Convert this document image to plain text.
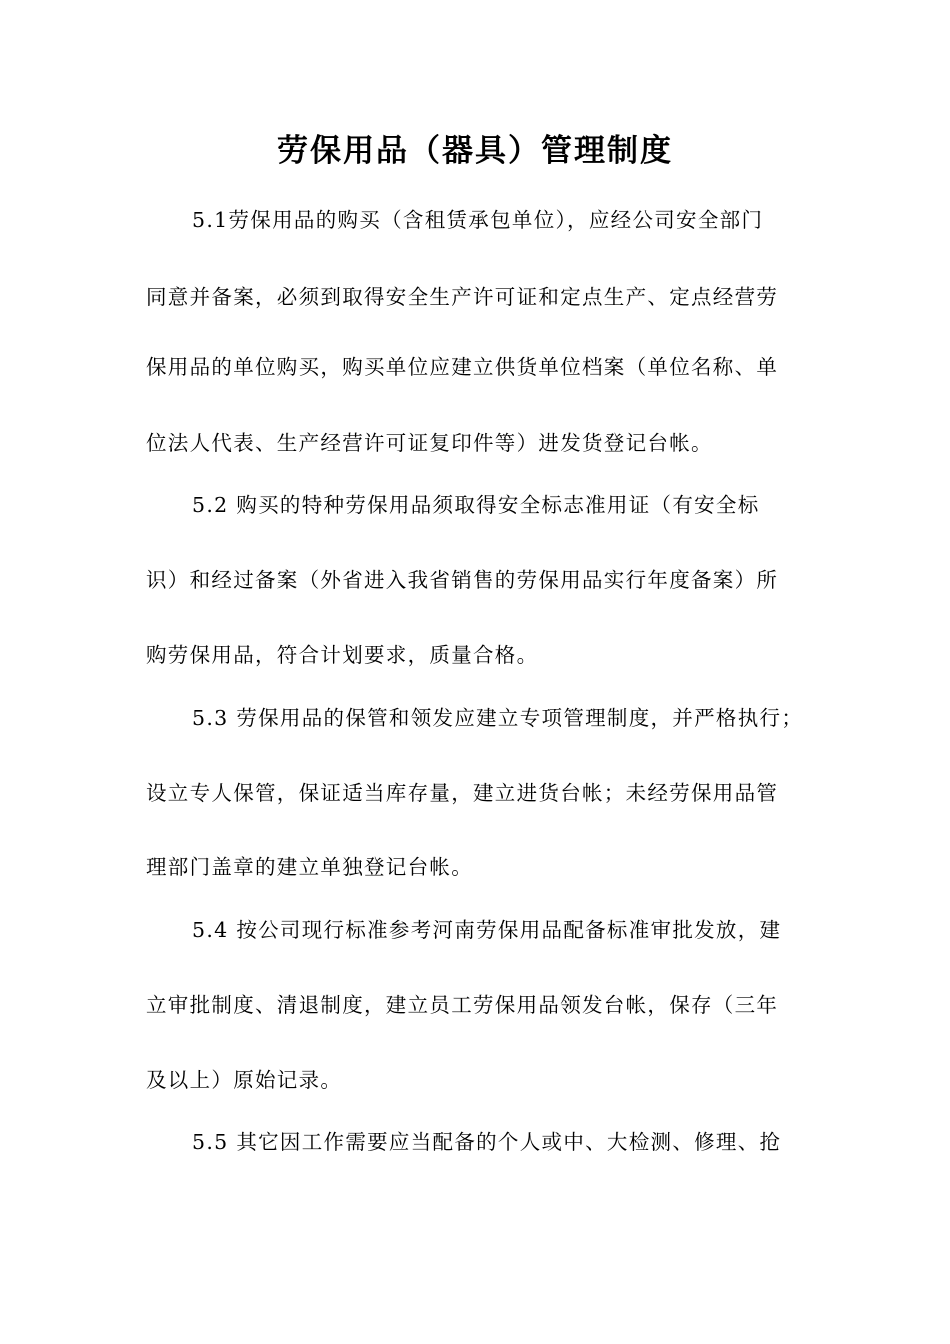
劳保用品（器具）管理制度
5.1劳保用品的购买（含租赁承包单位），应经公司安全部门
同意并备案，必须到取得安全生产许可证和定点生产、定点经营劳
保用品的单位购买，购买单位应建立供货单位档案（单位名称、单
位法人代表、生产经营许可证复印件等）进发货登记台帐。
5.2 购买的特种劳保用品须取得安全标志准用证（有安全标
识）和经过备案（外省进入我省销售的劳保用品实行年度备案）所
购劳保用品，符合计划要求，质量合格。
5.3 劳保用品的保管和领发应建立专项管理制度，并严格执行；
设立专人保管，保证适当库存量，建立进货台帐；未经劳保用品管
理部门盖章的建立单独登记台帐。
5.4 按公司现行标准参考河南劳保用品配备标准审批发放，建
立审批制度、清退制度，建立员工劳保用品领发台帐，保存（三年
及以上）原始记录。
5.5 其它因工作需要应当配备的个人或中、大检测、修理、抢
